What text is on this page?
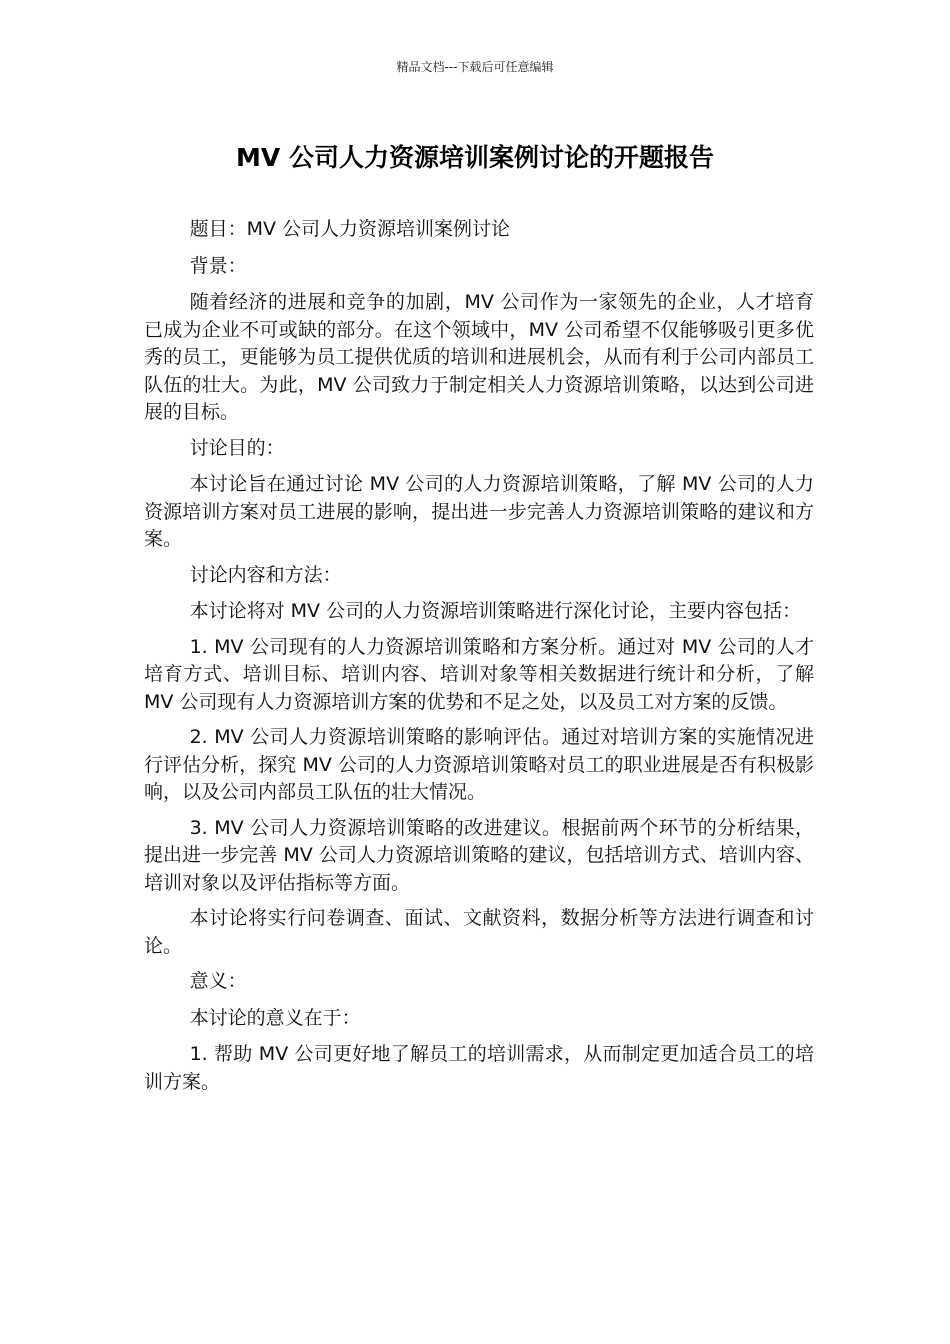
精品文档---下载后可任意编辑
MV 公司人力资源培训案例讨论的开题报告

题目：MV 公司人力资源培训案例讨论

背景：

随着经济的进展和竞争的加剧，MV 公司作为一家领先的企业，人才培育已成为企业不可或缺的部分。在这个领域中，MV 公司希望不仅能够吸引更多优秀的员工，更能够为员工提供优质的培训和进展机会，从而有利于公司内部员工队伍的壮大。为此，MV 公司致力于制定相关人力资源培训策略，以达到公司进展的目标。

讨论目的：

本讨论旨在通过讨论 MV 公司的人力资源培训策略，了解 MV 公司的人力资源培训方案对员工进展的影响，提出进一步完善人力资源培训策略的建议和方案。

讨论内容和方法：

本讨论将对 MV 公司的人力资源培训策略进行深化讨论，主要内容包括：

1. MV 公司现有的人力资源培训策略和方案分析。通过对 MV 公司的人才培育方式、培训目标、培训内容、培训对象等相关数据进行统计和分析，了解 MV 公司现有人力资源培训方案的优势和不足之处，以及员工对方案的反馈。

2. MV 公司人力资源培训策略的影响评估。通过对培训方案的实施情况进行评估分析，探究 MV 公司的人力资源培训策略对员工的职业进展是否有积极影响，以及公司内部员工队伍的壮大情况。

3. MV 公司人力资源培训策略的改进建议。根据前两个环节的分析结果，提出进一步完善 MV 公司人力资源培训策略的建议，包括培训方式、培训内容、培训对象以及评估指标等方面。

本讨论将实行问卷调查、面试、文献资料，数据分析等方法进行调查和讨论。

意义：

本讨论的意义在于：

1. 帮助 MV 公司更好地了解员工的培训需求，从而制定更加适合员工的培训方案。
